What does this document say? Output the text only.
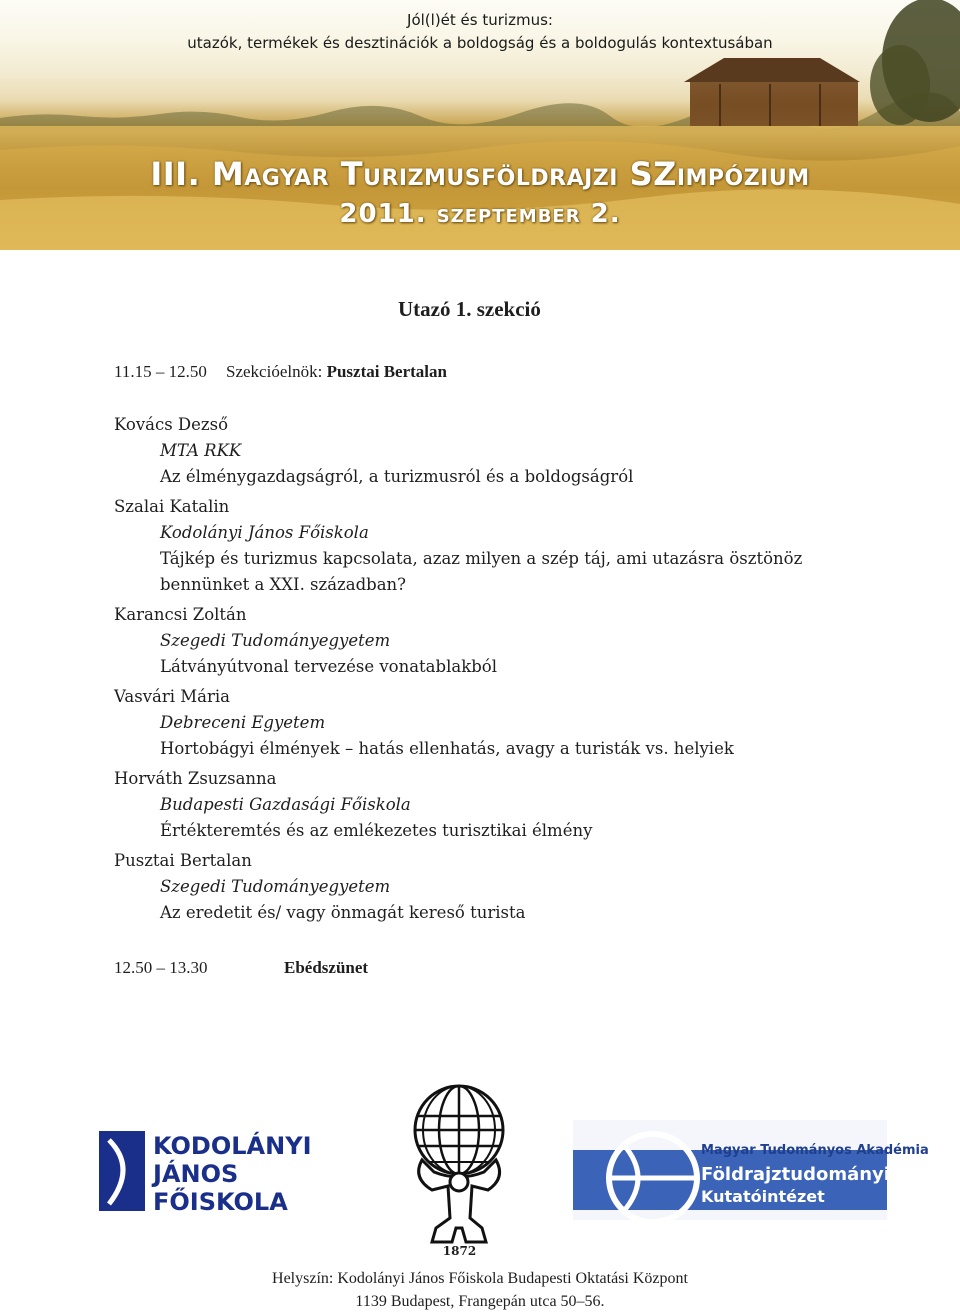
Jól(l)ét és turizmus:
utazók, termékek és desztinációk a boldogság és a boldogulás kontextusában
III. Magyar Turizmusföldrajzi SZimpózium
2011. szeptember 2.
Utazó 1. szekció
11.15 – 12.50 Szekcióelnök: Pusztai Bertalan
Kovács Dezső
MTA RKK
Az élménygazdagságról, a turizmusról és a boldogságról
Szalai Katalin
Kodolányi János Főiskola
Tájkép és turizmus kapcsolata, azaz milyen a szép táj, ami utazásra ösztönöz bennünket a XXI. században?
Karancsi Zoltán
Szegedi Tudományegyetem
Látványútvonal tervezése vonatablakból
Vasvári Mária
Debreceni Egyetem
Hortobágyi élmények – hatás ellenhatás, avagy a turisták vs. helyiek
Horváth Zsuzsanna
Budapesti Gazdasági Főiskola
Értékteremtés és az emlékezetes turisztikai élmény
Pusztai Bertalan
Szegedi Tudományegyetem
Az eredetit és/ vagy önmagát kereső turista
12.50 – 13.30	Ebédszünet
KODOLÁNYI
JÁNOS
FŐISKOLA
1872
Magyar Tudományos Akadémia
Földrajztudományi
Kutatóintézet
Helyszín: Kodolányi János Főiskola Budapesti Oktatási Központ
1139 Budapest, Frangepán utca 50–56.
